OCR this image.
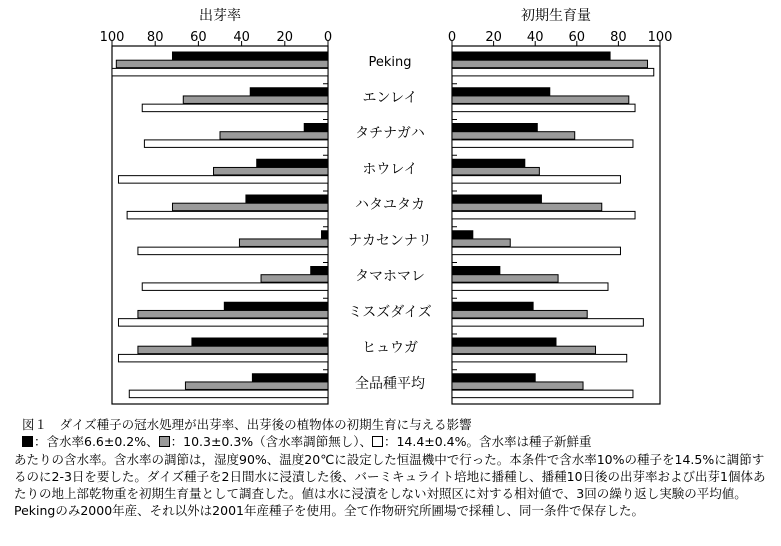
出芽率
100 80 60 40 20 0
Peking
エンレイ
タチナガハ
ホウレイ
ハタユタカ
ナカセンナリ
タマホマレ
ミスズダイズ
ヒュウガ
全品種平均
初期生育量
0 20 40 60 80 100

図１　ダイズ種子の冠水処理が出芽率、出芽後の植物体の初期生育に与える影響

：含水率6.6±0.2%、 ：10.3±0.3%（含水率調節無し）、 ：14.4±0.4%。含水率は種子新鮮重
あたりの含水率。含水率の調節は，湿度90%、温度20℃に設定した恒温機中で行った。本条件で含水率10%の種子を14.5%に調節するのに2-3日を要した。ダイズ種子を2日間水に浸漬した後、バーミキュライト培地に播種し、播種10日後の出芽率および出芽1個体あたりの地上部乾物重を初期生育量として調査した。値は水に浸漬をしない対照区に対する相対値で、3回の繰り返し実験の平均値。Pekingのみ2000年産、それ以外は2001年産種子を使用。全て作物研究所圃場で採種し、同一条件で保存した。
